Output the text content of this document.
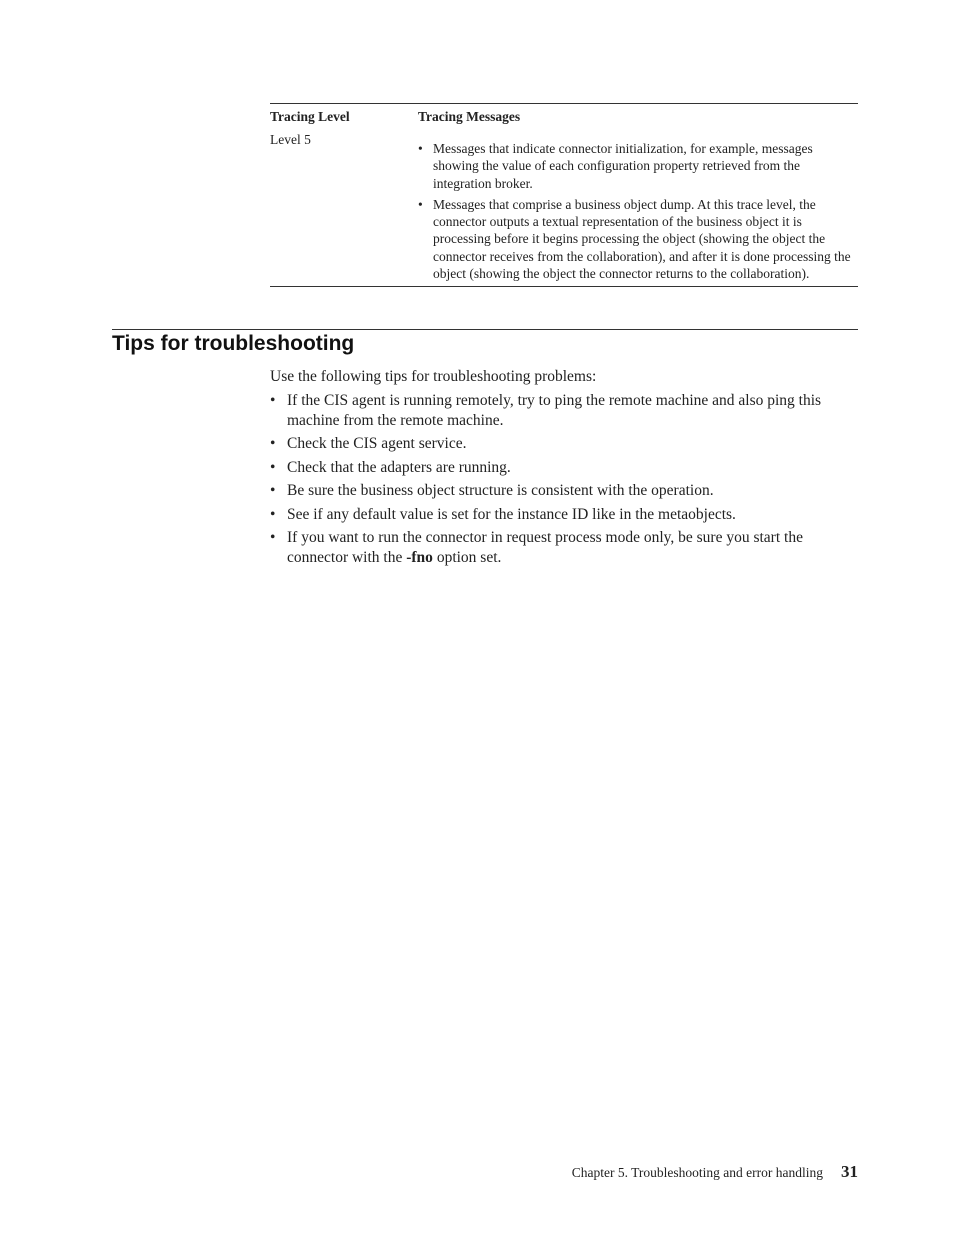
Tracing Level	Tracing Messages
Level 5
• Messages that indicate connector initialization, for example, messages showing the value of each configuration property retrieved from the integration broker.
• Messages that comprise a business object dump. At this trace level, the connector outputs a textual representation of the business object it is processing before it begins processing the object (showing the object the connector receives from the collaboration), and after it is done processing the object (showing the object the connector returns to the collaboration).
Tips for troubleshooting

Use the following tips for troubleshooting problems:

• If the CIS agent is running remotely, try to ping the remote machine and also ping this machine from the remote machine.
• Check the CIS agent service.
• Check that the adapters are running.
• Be sure the business object structure is consistent with the operation.
• See if any default value is set for the instance ID like in the metaobjects.
• If you want to run the connector in request process mode only, be sure you start the connector with the -fno option set.
Chapter 5. Troubleshooting and error handling 31
